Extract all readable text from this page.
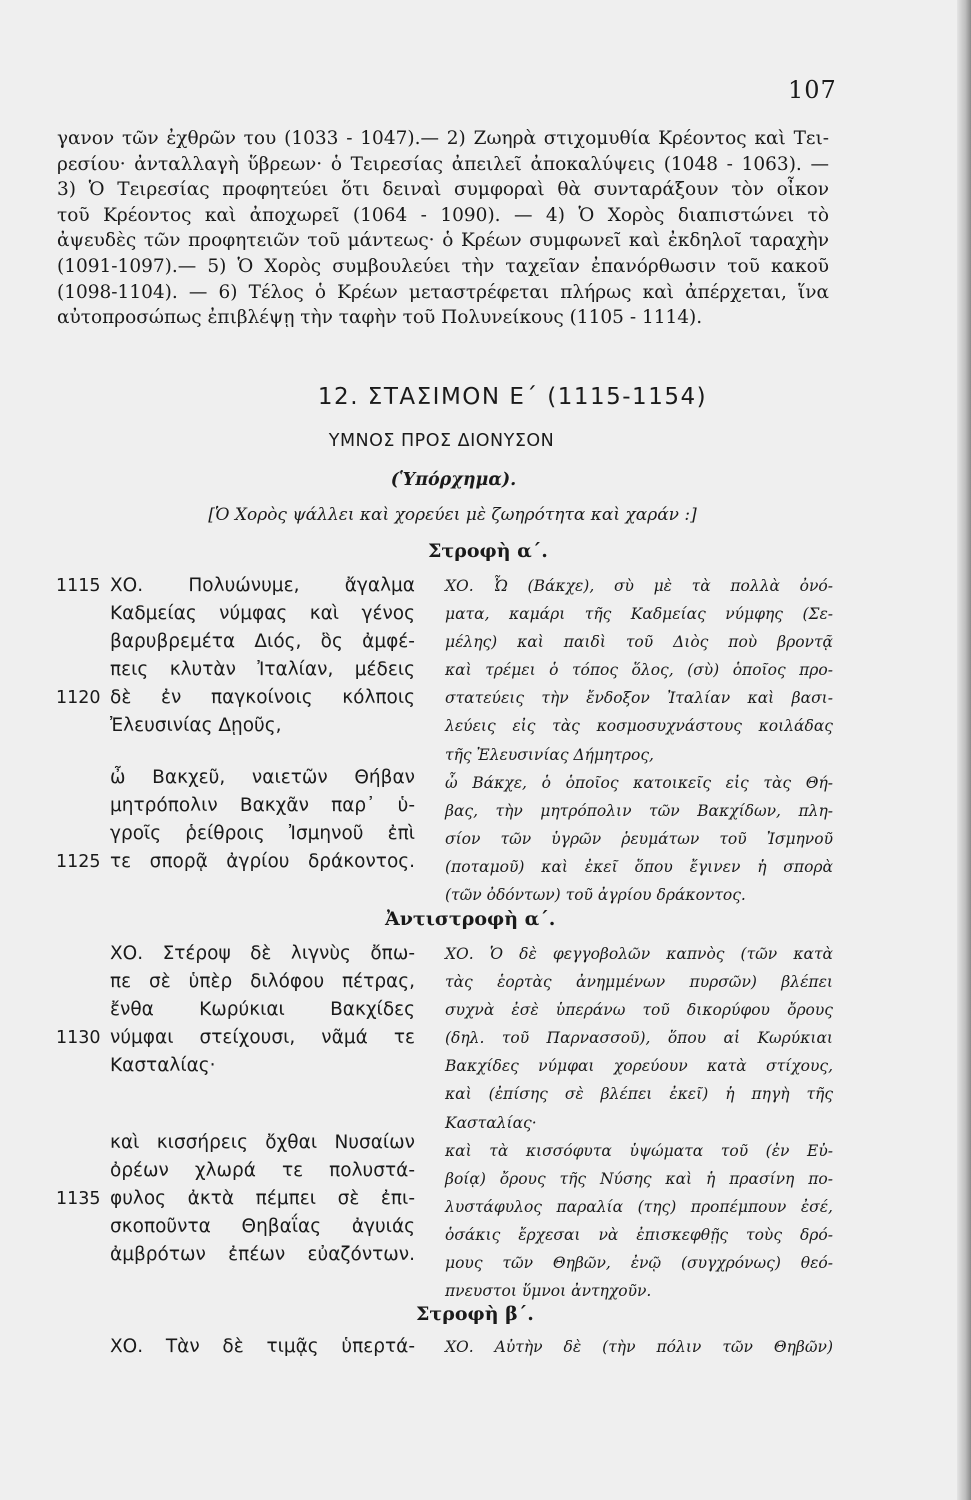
107
γανον τῶν ἐχθρῶν του (1033 - 1047).— 2) Ζωηρὰ στιχομυθία Κρέοντος καὶ Τει-
ρεσίου· ἀνταλλαγὴ ὕβρεων· ὁ Τειρεσίας ἀπειλεῖ ἀποκαλύψεις (1048 - 1063). —
3) Ὁ Τειρεσίας προφητεύει ὅτι δειναὶ συμφοραὶ θὰ συνταράξουν τὸν οἶκον
τοῦ Κρέοντος καὶ ἀποχωρεῖ (1064 - 1090). — 4) Ὁ Χορὸς διαπιστώνει τὸ
ἀψευδὲς τῶν προφητειῶν τοῦ μάντεως· ὁ Κρέων συμφωνεῖ καὶ ἐκδηλοῖ ταραχὴν
(1091-1097).— 5) Ὁ Χορὸς συμβουλεύει τὴν ταχεῖαν ἐπανόρθωσιν τοῦ κακοῦ
(1098-1104). — 6) Τέλος ὁ Κρέων μεταστρέφεται πλήρως καὶ ἀπέρχεται, ἵνα
αὐτοπροσώπως ἐπιβλέψῃ τὴν ταφὴν τοῦ Πολυνείκους (1105 - 1114).
12. ΣΤΑΣΙΜΟΝ Ε΄ (1115-1154)
ΥΜΝΟΣ ΠΡΟΣ ΔΙΟΝΥΣΟΝ
(Ὑπόρχημα).
[Ὁ Χορὸς ψάλλει καὶ χορεύει μὲ ζωηρότητα καὶ χαράν :]
Στροφὴ α΄.
1115 ΧΟ. Πολυώνυμε, ἄγαλμα
Καδμείας νύμφας καὶ γένος
βαρυβρεμέτα Διός, ὃς ἀμφέ-
πεις κλυτὰν Ἰταλίαν, μέδεις
1120 δὲ ἐν παγκοίνοις κόλποις
Ἐλευσινίας Δῃοῦς,
ὦ Βακχεῦ, ναιετῶν Θήβαν
μητρόπολιν Βακχᾶν παρ᾿ ὑ-
γροῖς ῥείθροις Ἰσμηνοῦ ἐπὶ
1125 τε σπορᾷ ἀγρίου δράκοντος.
ΧΟ. Ὦ (Βάκχε), σὺ μὲ τὰ πολλὰ ὀνό-
ματα, καμάρι τῆς Καδμείας νύμφης (Σε-
μέλης) καὶ παιδὶ τοῦ Διὸς ποὺ βροντᾷ
καὶ τρέμει ὁ τόπος ὅλος, (σὺ) ὁποῖος προ-
στατεύεις τὴν ἔνδοξον Ἰταλίαν καὶ βασι-
λεύεις εἰς τὰς κοσμοσυχνάστους κοιλάδας
τῆς Ἐλευσινίας Δήμητρος,
ὦ Βάκχε, ὁ ὁποῖος κατοικεῖς εἰς τὰς Θή-
βας, τὴν μητρόπολιν τῶν Βακχίδων, πλη-
σίον τῶν ὑγρῶν ῥευμάτων τοῦ Ἰσμηνοῦ
(ποταμοῦ) καὶ ἐκεῖ ὅπου ἔγινεν ἡ σπορὰ
(τῶν ὀδόντων) τοῦ ἀγρίου δράκοντος.
Ἀντιστροφὴ α΄.
ΧΟ. Στέροψ δὲ λιγνὺς ὄπω-
πε σὲ ὑπὲρ διλόφου πέτρας,
ἔνθα Κωρύκιαι Βακχίδες
1130 νύμφαι στείχουσι, νᾶμά τε
Κασταλίας·
καὶ κισσήρεις ὄχθαι Νυσαίων
ὀρέων χλωρά τε πολυστά-
1135 φυλος ἀκτὰ πέμπει σὲ ἐπι-
σκοποῦντα Θηβαΐας ἀγυιάς
ἀμβρότων ἐπέων εὐαζόντων.
ΧΟ. Ὁ δὲ φεγγοβολῶν καπνὸς (τῶν κατὰ
τὰς ἑορτὰς ἀνημμένων πυρσῶν) βλέπει
συχνὰ ἐσὲ ὑπεράνω τοῦ δικορύφου ὄρους
(δηλ. τοῦ Παρνασσοῦ), ὅπου αἱ Κωρύκιαι
Βακχίδες νύμφαι χορεύουν κατὰ στίχους,
καὶ (ἐπίσης σὲ βλέπει ἐκεῖ) ἡ πηγὴ τῆς
Κασταλίας·
καὶ τὰ κισσόφυτα ὑψώματα τοῦ (ἐν Εὐ-
βοίᾳ) ὄρους τῆς Νύσης καὶ ἡ πρασίνη πο-
λυστάφυλος παραλία (της) προπέμπουν ἐσέ,
ὁσάκις ἔρχεσαι νὰ ἐπισκεφθῇς τοὺς δρό-
μους τῶν Θηβῶν, ἐνῷ (συγχρόνως) θεό-
πνευστοι ὕμνοι ἀντηχοῦν.
Στροφὴ β΄.
ΧΟ. Τὰν δὲ τιμᾷς ὑπερτά- ΧΟ. Αὐτὴν δὲ (τὴν πόλιν τῶν Θηβῶν)
